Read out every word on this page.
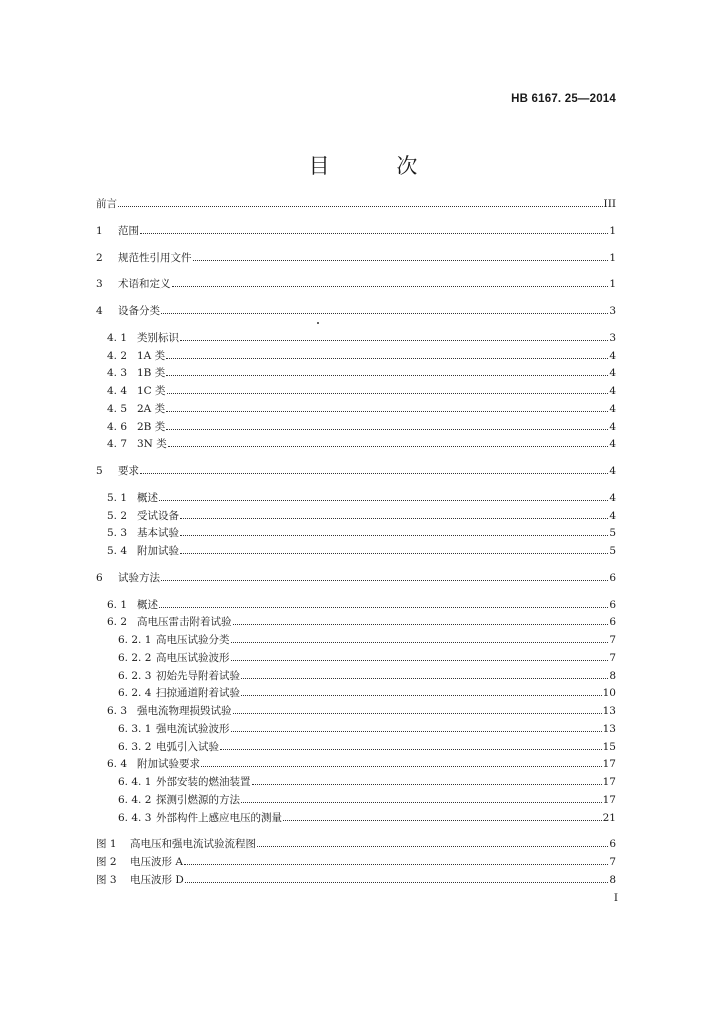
HB 6167. 25—2014
目 次
前言	III
1	范围	1
2	规范性引用文件	1
3	术语和定义	1
4	设备分类	3
4. 1 类别标识	3
4. 2 1A 类	4
4. 3 1B 类	4
4. 4 1C 类	4
4. 5 2A 类	4
4. 6 2B 类	4
4. 7 3N 类	4
5	要求	4
5. 1 概述	4
5. 2 受试设备	4
5. 3 基本试验	5
5. 4 附加试验	5
6	试验方法	6
6. 1 概述	6
6. 2 高电压雷击附着试验	6
6. 2. 1 高电压试验分类	7
6. 2. 2 高电压试验波形	7
6. 2. 3 初始先导附着试验	8
6. 2. 4 扫掠通道附着试验	10
6. 3 强电流物理损毁试验	13
6. 3. 1 强电流试验波形	13
6. 3. 2 电弧引入试验	15
6. 4 附加试验要求	17
6. 4. 1 外部安装的燃油装置	17
6. 4. 2 探测引燃源的方法	17
6. 4. 3 外部构件上感应电压的测量	21
图 1	高电压和强电流试验流程图	6
图 2	电压波形 A	7
图 3	电压波形 D	8
I
